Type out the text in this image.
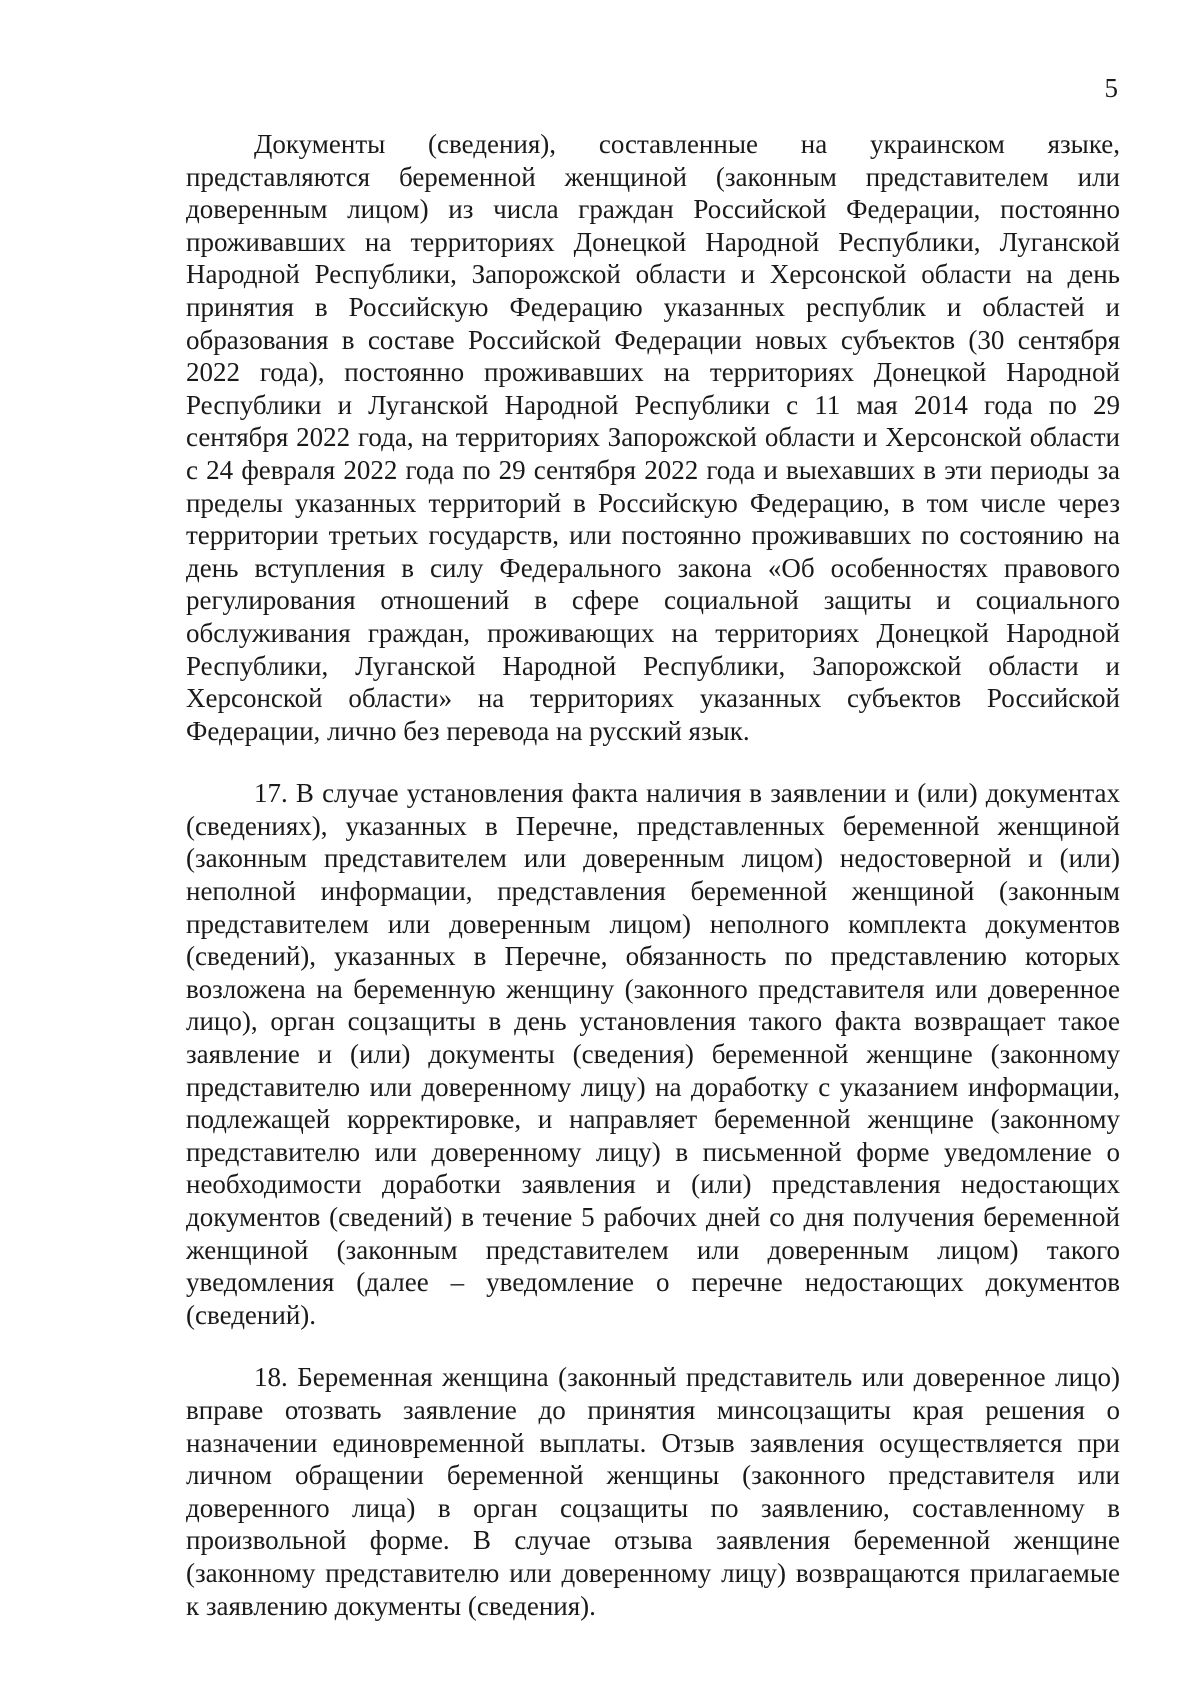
5

Документы (сведения), составленные на украинском языке, представляются беременной женщиной (законным представителем или доверенным лицом) из числа граждан Российской Федерации, постоянно проживавших на территориях Донецкой Народной Республики, Луганской Народной Республики, Запорожской области и Херсонской области на день принятия в Российскую Федерацию указанных республик и областей и образования в составе Российской Федерации новых субъектов (30 сентября 2022 года), постоянно проживавших на территориях Донецкой Народной Республики и Луганской Народной Республики с 11 мая 2014 года по 29 сентября 2022 года, на территориях Запорожской области и Херсонской области с 24 февраля 2022 года по 29 сентября 2022 года и выехавших в эти периоды за пределы указанных территорий в Российскую Федерацию, в том числе через территории третьих государств, или постоянно проживавших по состоянию на день вступления в силу Федерального закона «Об особенностях правового регулирования отношений в сфере социальной защиты и социального обслуживания граждан, проживающих на территориях Донецкой Народной Республики, Луганской Народной Республики, Запорожской области и Херсонской области» на территориях указанных субъектов Российской Федерации, лично без перевода на русский язык.

17. В случае установления факта наличия в заявлении и (или) документах (сведениях), указанных в Перечне, представленных беременной женщиной (законным представителем или доверенным лицом) недостоверной и (или) неполной информации, представления беременной женщиной (законным представителем или доверенным лицом) неполного комплекта документов (сведений), указанных в Перечне, обязанность по представлению которых возложена на беременную женщину (законного представителя или доверенное лицо), орган соцзащиты в день установления такого факта возвращает такое заявление и (или) документы (сведения) беременной женщине (законному представителю или доверенному лицу) на доработку с указанием информации, подлежащей корректировке, и направляет беременной женщине (законному представителю или доверенному лицу) в письменной форме уведомление о необходимости доработки заявления и (или) представления недостающих документов (сведений) в течение 5 рабочих дней со дня получения беременной женщиной (законным представителем или доверенным лицом) такого уведомления (далее – уведомление о перечне недостающих документов (сведений).

18. Беременная женщина (законный представитель или доверенное лицо) вправе отозвать заявление до принятия минсоцзащиты края решения о назначении единовременной выплаты. Отзыв заявления осуществляется при личном обращении беременной женщины (законного представителя или доверенного лица) в орган соцзащиты по заявлению, составленному в произвольной форме. В случае отзыва заявления беременной женщине (законному представителю или доверенному лицу) возвращаются прилагаемые к заявлению документы (сведения).
